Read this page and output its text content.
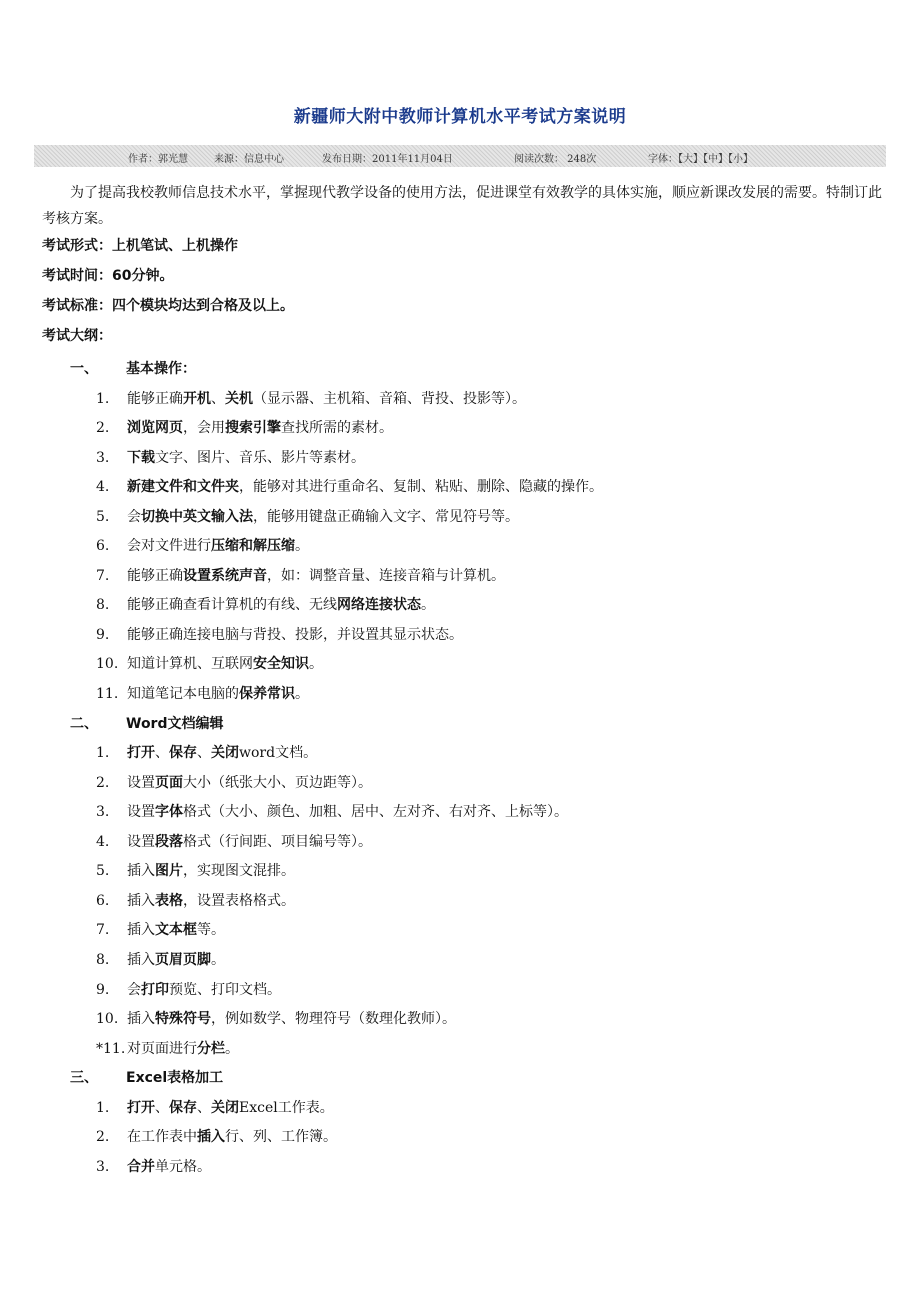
新疆师大附中教师计算机水平考试方案说明
作者：郭光慧	来源：信息中心	发布日期：2011年11月04日	阅读次数： 248次	字体：【大】【中】【小】

为了提高我校教师信息技术水平，掌握现代教学设备的使用方法，促进课堂有效教学的具体实施，顺应新课改发展的需要。特制订此考核方案。

考试形式：上机笔试、上机操作
考试时间：60分钟。
考试标准：四个模块均达到合格及以上。
考试大纲：
一、 基本操作：
1. 能够正确开机、关机（显示器、主机箱、音箱、背投、投影等）。
2. 浏览网页，会用搜索引擎查找所需的素材。
3. 下载文字、图片、音乐、影片等素材。
4. 新建文件和文件夹，能够对其进行重命名、复制、粘贴、删除、隐藏的操作。
5. 会切换中英文输入法，能够用键盘正确输入文字、常见符号等。
6. 会对文件进行压缩和解压缩。
7. 能够正确设置系统声音，如：调整音量、连接音箱与计算机。
8. 能够正确查看计算机的有线、无线网络连接状态。
9. 能够正确连接电脑与背投、投影，并设置其显示状态。
10. 知道计算机、互联网安全知识。
11. 知道笔记本电脑的保养常识。
二、 Word文档编辑
1. 打开、保存、关闭word文档。
2. 设置页面大小（纸张大小、页边距等）。
3. 设置字体格式（大小、颜色、加粗、居中、左对齐、右对齐、上标等）。
4. 设置段落格式（行间距、项目编号等）。
5. 插入图片，实现图文混排。
6. 插入表格，设置表格格式。
7. 插入文本框等。
8. 插入页眉页脚。
9. 会打印预览、打印文档。
10. 插入特殊符号，例如数学、物理符号（数理化教师）。
*11. 对页面进行分栏。
三、 Excel表格加工
1. 打开、保存、关闭Excel工作表。
2. 在工作表中插入行、列、工作簿。
3. 合并单元格。
